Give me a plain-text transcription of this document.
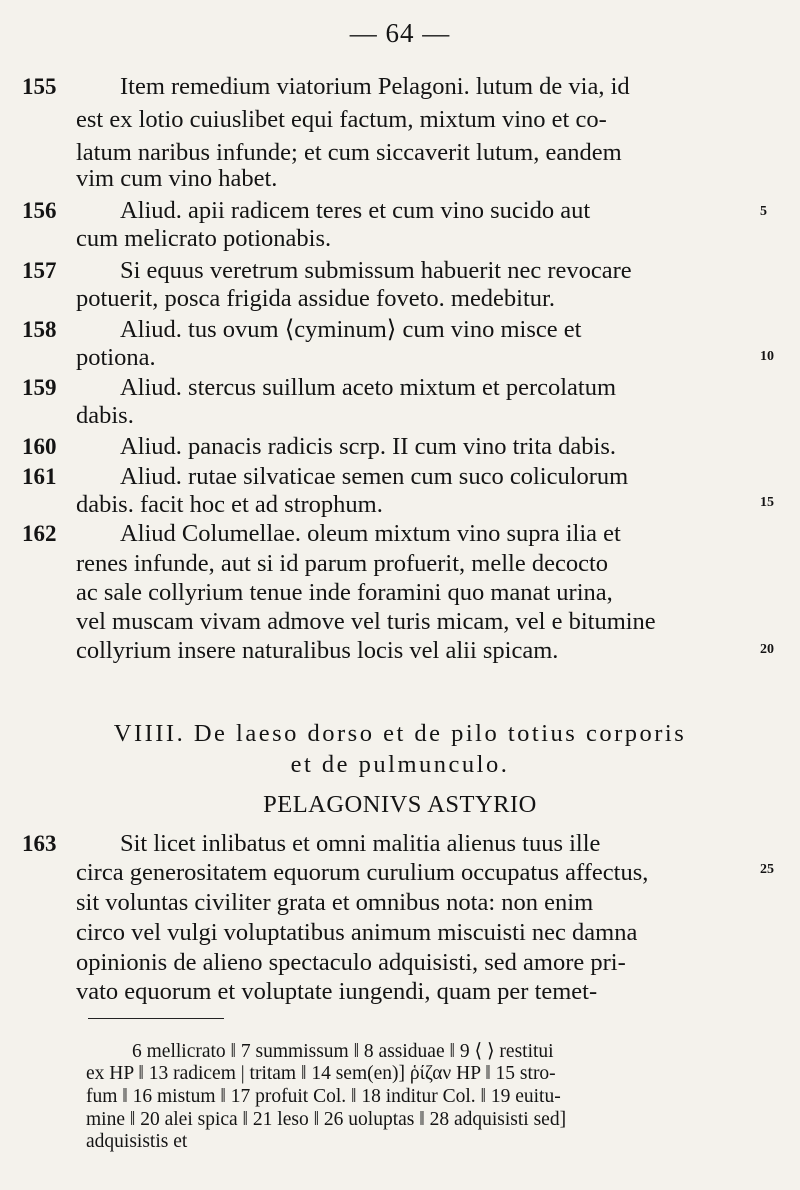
— 64 —
155	Item remedium viatorium Pelagoni. lutum de via, id
est ex lotio cuiuslibet equi factum, mixtum vino et co-
latum naribus infunde; et cum siccaverit lutum, eandem
vim cum vino habet.
156	Aliud. apii radicem teres et cum vino sucido aut
cum melicrato potionabis.
157	Si equus veretrum submissum habuerit nec revocare
potuerit, posca frigida assidue foveto. medebitur.
158	Aliud. tus ovum ⟨cyminum⟩ cum vino misce et
potiona.
159	Aliud. stercus suillum aceto mixtum et percolatum
dabis.
160	Aliud. panacis radicis scrp. II cum vino trita dabis.
161	Aliud. rutae silvaticae semen cum suco coliculorum
dabis. facit hoc et ad strophum.
162	Aliud Columellae. oleum mixtum vino supra ilia et
renes infunde, aut si id parum profuerit, melle decocto
ac sale collyrium tenue inde foramini quo manat urina,
vel muscam vivam admove vel turis micam, vel e bitumine
collyrium insere naturalibus locis vel alii spicam.
5
10
15
20
25
VIIII. De laeso dorso et de pilo totius corporis
et de pulmunculo.
PELAGONIVS ASTYRIO
163	Sit licet inlibatus et omni malitia alienus tuus ille
circa generositatem equorum curulium occupatus affectus,
sit voluntas civiliter grata et omnibus nota: non enim
circo vel vulgi voluptatibus animum miscuisti nec damna
opinionis de alieno spectaculo adquisisti, sed amore pri-
vato equorum et voluptate iungendi, quam per temet-
6 mellicrato ‖ 7 summissum ‖ 8 assiduae ‖ 9 ⟨ ⟩ restitui
ex HP ‖ 13 radicem | tritam ‖ 14 sem(en)] ῥίζαν HP ‖ 15 stro-
fum ‖ 16 mistum ‖ 17 profuit Col. ‖ 18 inditur Col. ‖ 19 euitu-
mine ‖ 20 alei spica ‖ 21 leso ‖ 26 uoluptas ‖ 28 adquisisti sed]
adquisistis et
